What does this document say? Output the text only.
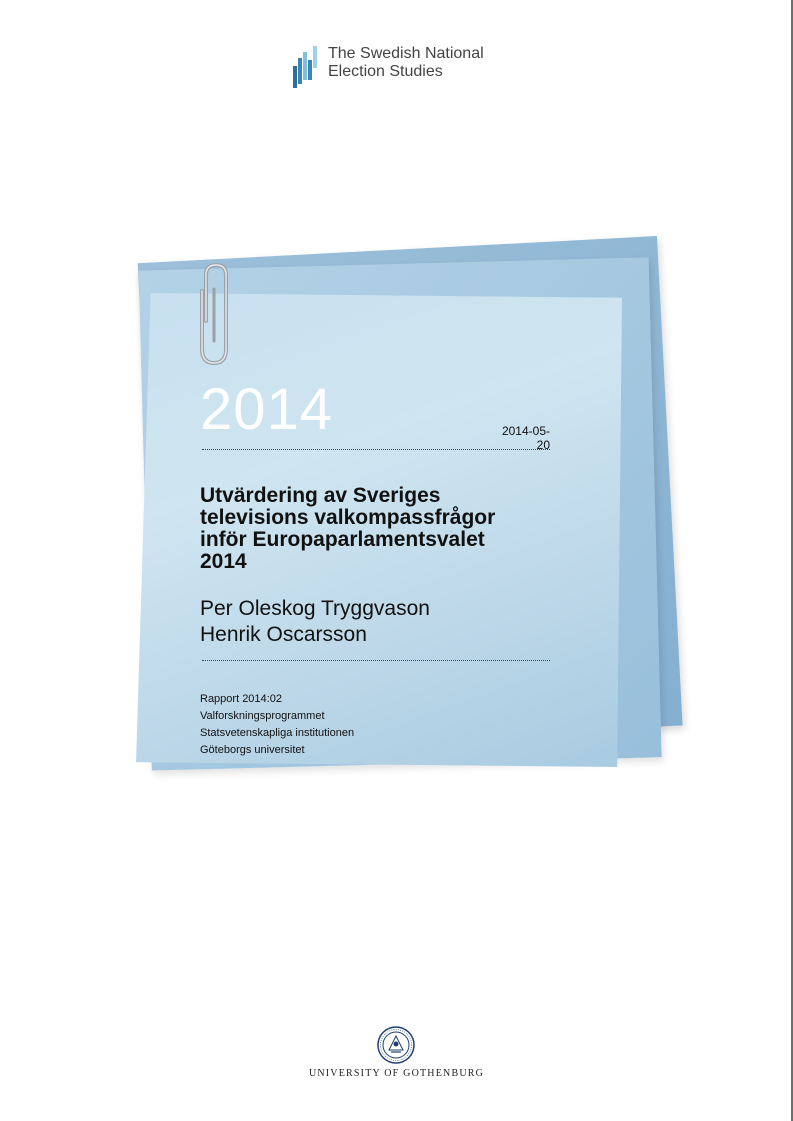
The Swedish National
Election Studies
2014	2014-05-20
Utvärdering av Sveriges
televisions valkompassfrågor
inför Europaparlamentsvalet
2014
Per Oleskog Tryggvason
Henrik Oscarsson
Rapport 2014:02
Valforskningsprogrammet
Statsvetenskapliga institutionen
Göteborgs universitet
UNIVERSITY OF GOTHENBURG
